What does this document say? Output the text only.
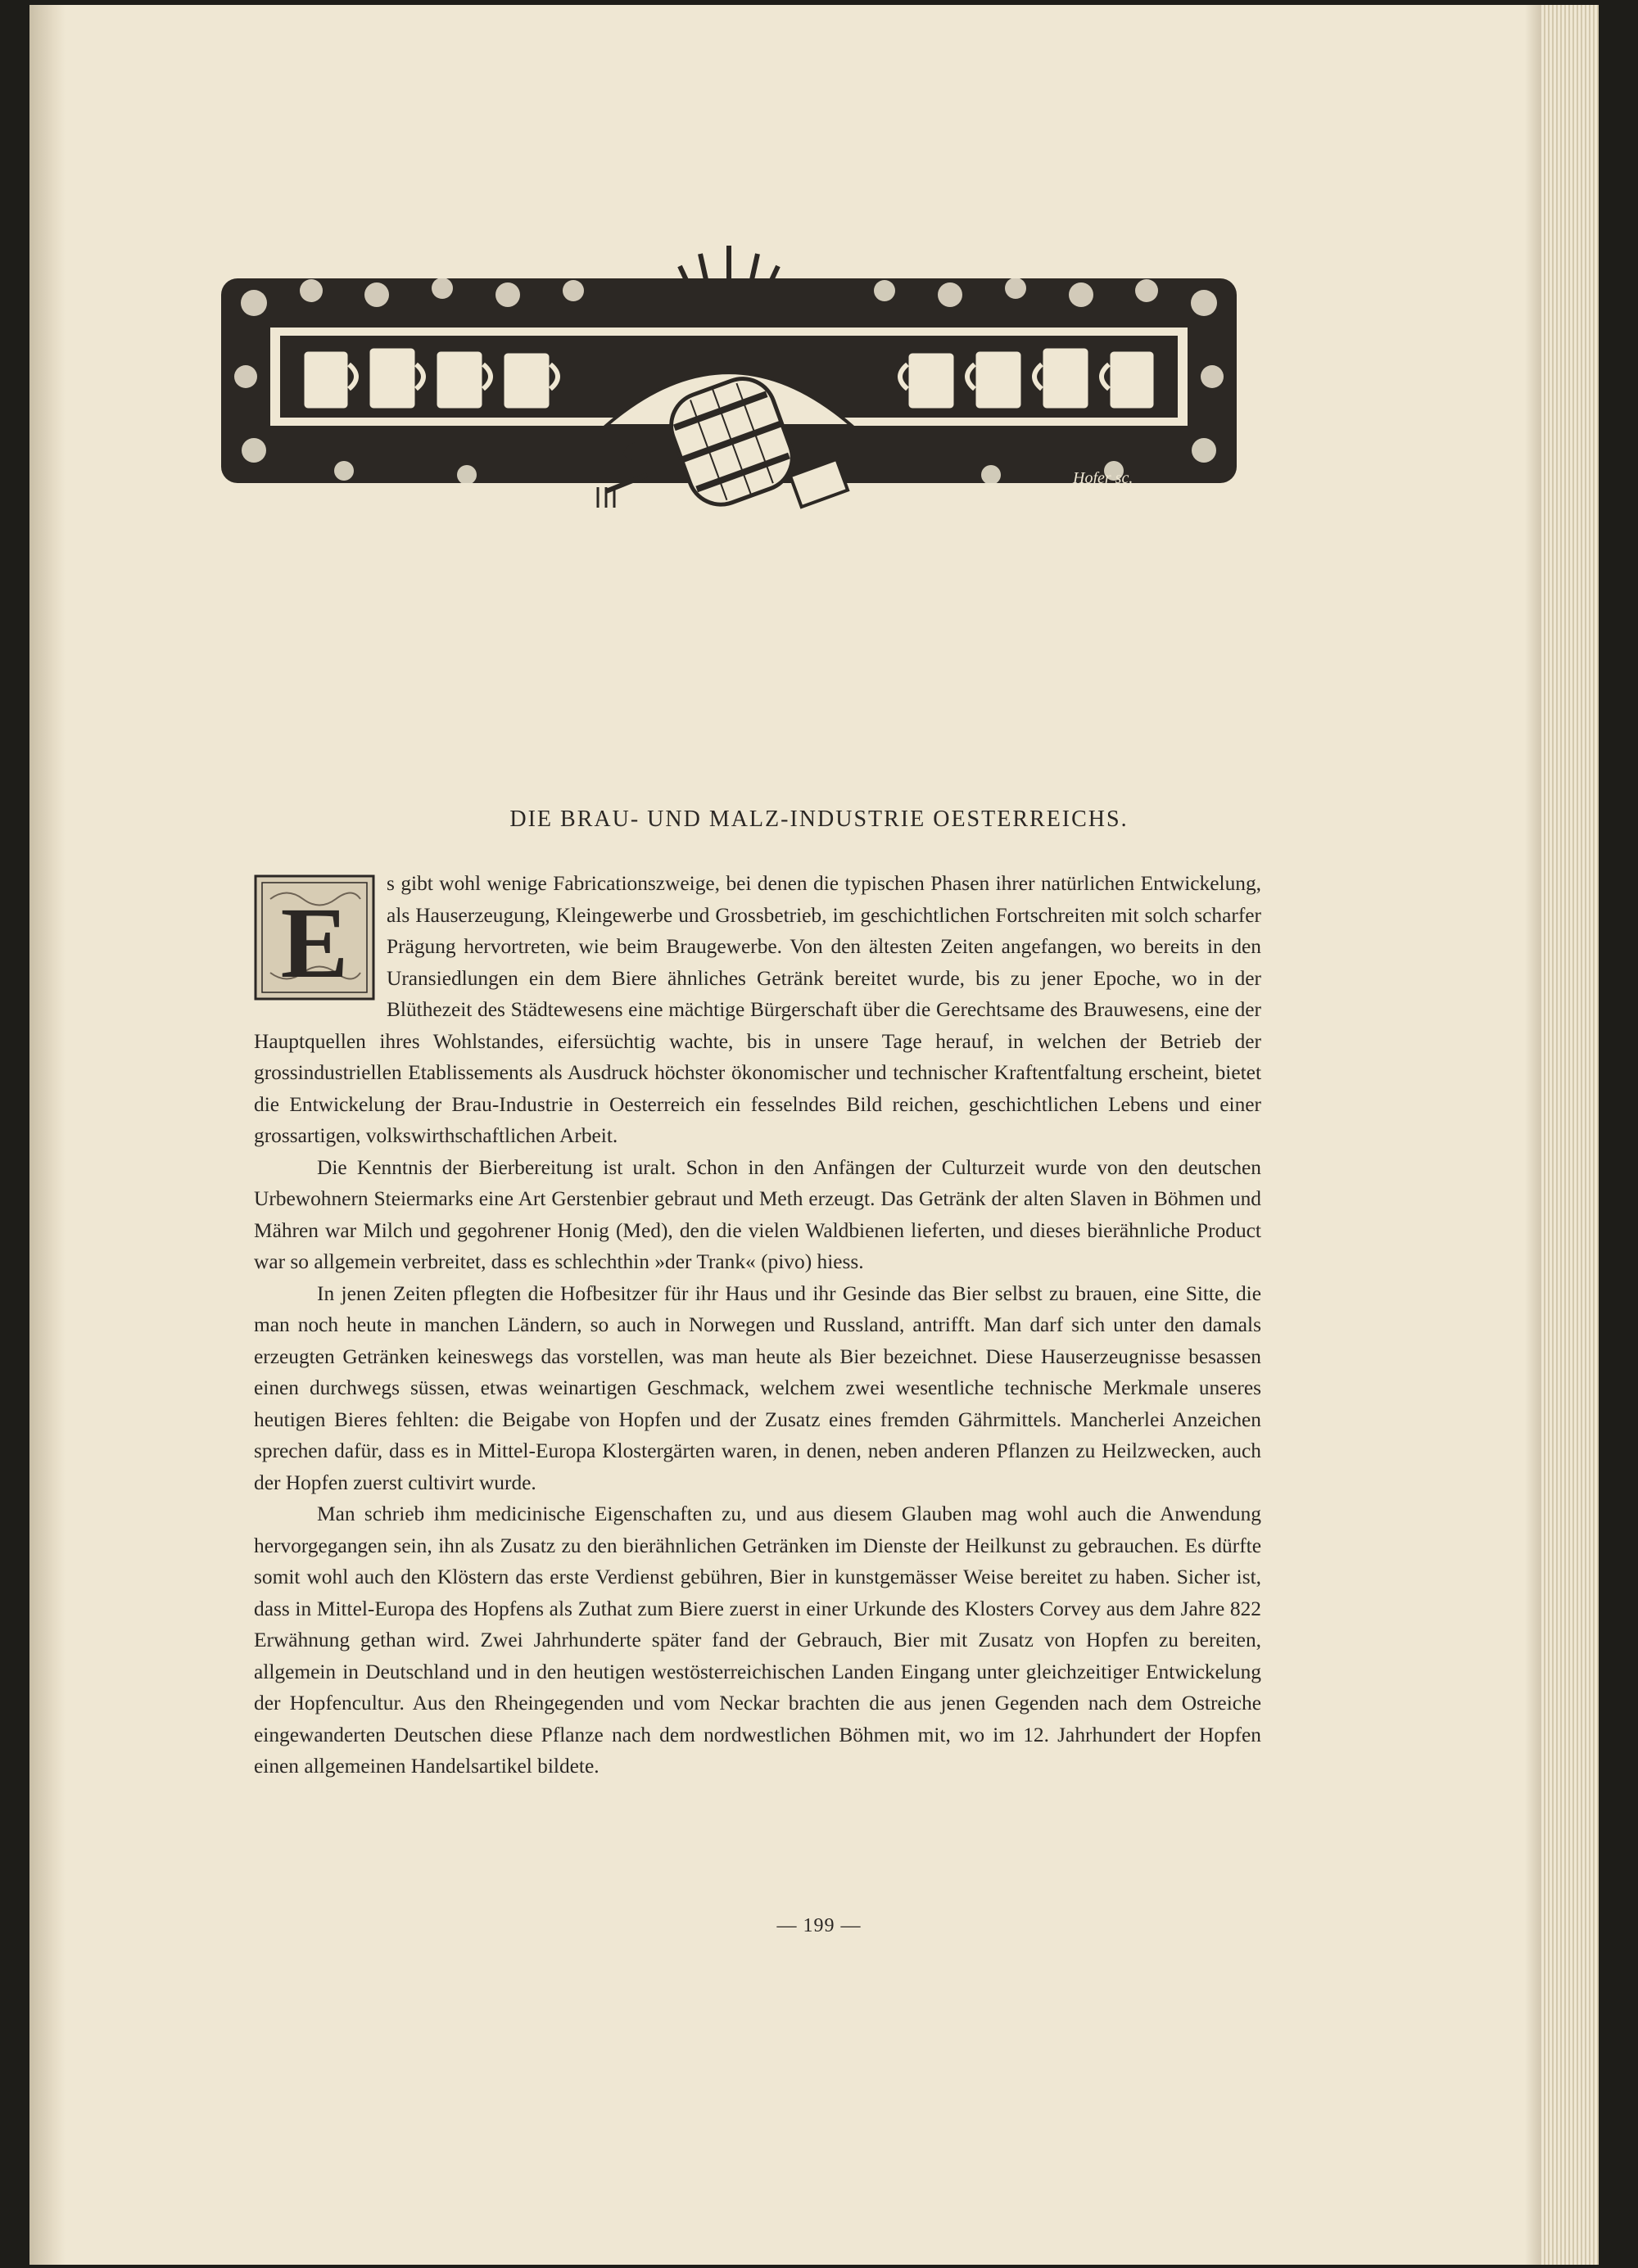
Hofer sc.
DIE BRAU- UND MALZ-INDUSTRIE OESTERREICHS.

E
s gibt wohl wenige Fabricationszweige, bei denen die typischen Phasen ihrer natürlichen Entwickelung, als Hauserzeugung, Kleingewerbe und Grossbetrieb, im geschichtlichen Fortschreiten mit solch scharfer Prägung hervortreten, wie beim Braugewerbe. Von den ältesten Zeiten angefangen, wo bereits in den Uransiedlungen ein dem Biere ähnliches Getränk bereitet wurde, bis zu jener Epoche, wo in der Blüthezeit des Städtewesens eine mächtige Bürgerschaft über die Gerechtsame des Brauwesens, eine der Hauptquellen ihres Wohlstandes, eifersüchtig wachte, bis in unsere Tage herauf, in welchen der Betrieb der grossindustriellen Etablissements als Ausdruck höchster ökonomischer und technischer Kraftentfaltung erscheint, bietet die Entwickelung der Brau-Industrie in Oesterreich ein fesselndes Bild reichen, geschichtlichen Lebens und einer grossartigen, volkswirthschaftlichen Arbeit.

Die Kenntnis der Bierbereitung ist uralt. Schon in den Anfängen der Culturzeit wurde von den deutschen Urbewohnern Steiermarks eine Art Gerstenbier gebraut und Meth erzeugt. Das Getränk der alten Slaven in Böhmen und Mähren war Milch und gegohrener Honig (Med), den die vielen Waldbienen lieferten, und dieses bierähnliche Product war so allgemein verbreitet, dass es schlechthin »der Trank« (pivo) hiess.

In jenen Zeiten pflegten die Hofbesitzer für ihr Haus und ihr Gesinde das Bier selbst zu brauen, eine Sitte, die man noch heute in manchen Ländern, so auch in Norwegen und Russland, antrifft. Man darf sich unter den damals erzeugten Getränken keineswegs das vorstellen, was man heute als Bier bezeichnet. Diese Hauserzeugnisse besassen einen durchwegs süssen, etwas weinartigen Geschmack, welchem zwei wesentliche technische Merkmale unseres heutigen Bieres fehlten: die Beigabe von Hopfen und der Zusatz eines fremden Gährmittels. Mancherlei Anzeichen sprechen dafür, dass es in Mittel-Europa Klostergärten waren, in denen, neben anderen Pflanzen zu Heilzwecken, auch der Hopfen zuerst cultivirt wurde.

Man schrieb ihm medicinische Eigenschaften zu, und aus diesem Glauben mag wohl auch die Anwendung hervorgegangen sein, ihn als Zusatz zu den bierähnlichen Getränken im Dienste der Heilkunst zu gebrauchen. Es dürfte somit wohl auch den Klöstern das erste Verdienst gebühren, Bier in kunstgemässer Weise bereitet zu haben. Sicher ist, dass in Mittel-Europa des Hopfens als Zuthat zum Biere zuerst in einer Urkunde des Klosters Corvey aus dem Jahre 822 Erwähnung gethan wird. Zwei Jahrhunderte später fand der Gebrauch, Bier mit Zusatz von Hopfen zu bereiten, allgemein in Deutschland und in den heutigen westösterreichischen Landen Eingang unter gleichzeitiger Entwickelung der Hopfencultur. Aus den Rheingegenden und vom Neckar brachten die aus jenen Gegenden nach dem Ostreiche eingewanderten Deutschen diese Pflanze nach dem nordwestlichen Böhmen mit, wo im 12. Jahrhundert der Hopfen einen allgemeinen Handelsartikel bildete.

— 199 —
